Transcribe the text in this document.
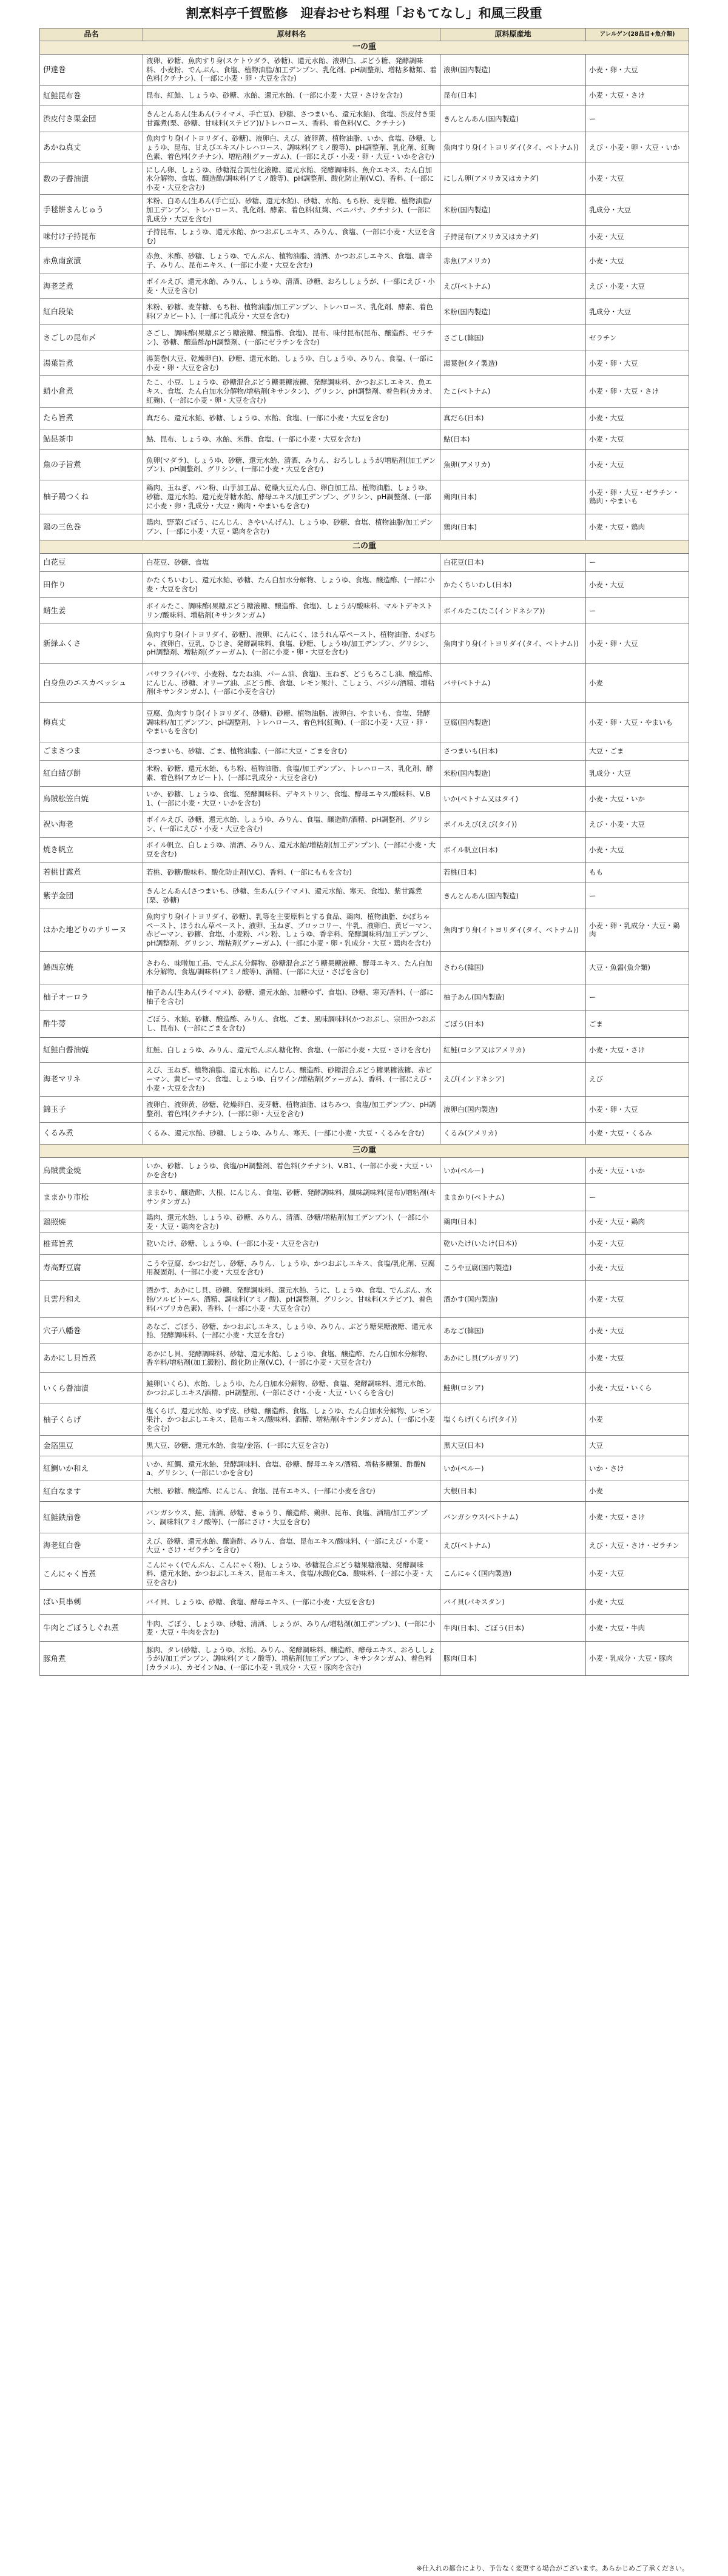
割烹料亭千賀監修　迎春おせち料理「おもてなし」和風三段重
品名	原材料名	原料原産地	アレルゲン(28品目+魚介類)
一の重			
伊達巻	液卵、砂糖、魚肉すり身(スケトウダラ、砂糖)、還元水飴、液卵白、ぶどう糖、発酵調味料、小麦粉、でんぷん、食塩、植物油脂/加工デンプン、乳化剤、pH調整剤、増粘多糖類、着色料(クチナシ)、(一部に小麦・卵・大豆を含む)	液卵(国内製造)	小麦・卵・大豆
紅鮭昆布巻	昆布、紅鮭、しょうゆ、砂糖、水飴、還元水飴、(一部に小麦・大豆・さけを含む)	昆布(日本)	小麦・大豆・さけ
渋皮付き栗金団	きんとんあん(生あん(ライマメ、手亡豆)、砂糖、さつまいも、還元水飴)、食塩、渋皮付き栗甘露煮(栗、砂糖、甘味料(ステビア))/トレハロース、香料、着色料(V.C、クチナシ)	きんとんあん(国内製造)	ー
あかね真丈	魚肉すり身(イトヨリダイ、砂糖)、液卵白、えび、液卵黄、植物油脂、いか、食塩、砂糖、しょうゆ、昆布、甘えびエキス/トレハロース、調味料(アミノ酸等)、pH調整剤、乳化剤、紅麹色素、着色料(クチナシ)、増粘剤(グァーガム)、(一部にえび・小麦・卵・大豆・いかを含む)	魚肉すり身(イトヨリダイ(タイ、ベトナム))	えび・小麦・卵・大豆・いか
数の子醤油漬	にしん卵、しょうゆ、砂糖混合異性化液糖、還元水飴、発酵調味料、魚介エキス、たん白加水分解物、食塩、醸造酢/調味料(アミノ酸等)、pH調整剤、酸化防止剤(V.C)、香料、(一部に小麦・大豆を含む)	にしん卵(アメリカ又はカナダ)	小麦・大豆
手毬餅まんじゅう	米粉、白あん(生あん(手亡豆)、砂糖、還元水飴)、砂糖、水飴、もち粉、麦芽糖、植物油脂/加工デンプン、トレハロース、乳化剤、酵素、着色料(紅麹、ベニバナ、クチナシ)、(一部に乳成分・大豆を含む)	米粉(国内製造)	乳成分・大豆
味付け子持昆布	子持昆布、しょうゆ、還元水飴、かつおぶしエキス、みりん、食塩、(一部に小麦・大豆を含む)	子持昆布(アメリカ又はカナダ)	小麦・大豆
赤魚南蛮漬	赤魚、米酢、砂糖、しょうゆ、でんぷん、植物油脂、清酒、かつおぶしエキス、食塩、唐辛子、みりん、昆布エキス、(一部に小麦・大豆を含む)	赤魚(アメリカ)	小麦・大豆
海老芝煮	ボイルえび、還元水飴、みりん、しょうゆ、清酒、砂糖、おろししょうが、(一部にえび・小麦・大豆を含む)	えび(ベトナム)	えび・小麦・大豆
紅白段染	米粉、砂糖、麦芽糖、もち粉、植物油脂/加工デンプン、トレハロース、乳化剤、酵素、着色料(アカビート)、(一部に乳成分・大豆を含む)	米粉(国内製造)	乳成分・大豆
さごしの昆布〆	さごし、調味酢(果糖ぶどう糖液糖、醸造酢、食塩)、昆布、味付昆布(昆布、醸造酢、ゼラチン)、砂糖、醸造酢/pH調整剤、(一部にゼラチンを含む)	さごし(韓国)	ゼラチン
湯葉旨煮	湯葉巻(大豆、乾燥卵白)、砂糖、還元水飴、しょうゆ、白しょうゆ、みりん、食塩、(一部に小麦・卵・大豆を含む)	湯葉巻(タイ製造)	小麦・卵・大豆
蛸小倉煮	たこ、小豆、しょうゆ、砂糖混合ぶどう糖果糖液糖、発酵調味料、かつおぶしエキス、魚エキス、食塩、たん白加水分解物/増粘剤(キサンタン)、グリシン、pH調整剤、着色料(カカオ、紅麹)、(一部に小麦・卵・大豆を含む)	たこ(ベトナム)	小麦・卵・大豆・さけ
たら旨煮	真だら、還元水飴、砂糖、しょうゆ、水飴、食塩、(一部に小麦・大豆を含む)	真だら(日本)	小麦・大豆
鮎昆茶巾	鮎、昆布、しょうゆ、水飴、米酢、食塩、(一部に小麦・大豆を含む)	鮎(日本)	小麦・大豆
魚の子旨煮	魚卵(マダラ)、しょうゆ、砂糖、還元水飴、清酒、みりん、おろししょうが/増粘剤(加工デンプン)、pH調整剤、グリシン、(一部に小麦・大豆を含む)	魚卵(アメリカ)	小麦・大豆
柚子鶏つくね	鶏肉、玉ねぎ、パン粉、山芋加工品、乾燥大豆たん白、卵白加工品、植物油脂、しょうゆ、砂糖、還元水飴、還元麦芽糖水飴、酵母エキス/加工デンプン、グリシン、pH調整剤、(一部に小麦・卵・乳成分・大豆・鶏肉・やまいもを含む)	鶏肉(日本)	小麦・卵・大豆・ゼラチン・鶏肉・やまいも
鶏の三色巻	鶏肉、野菜(ごぼう、にんじん、さやいんげん)、しょうゆ、砂糖、食塩、植物油脂/加工デンプン、(一部に小麦・大豆・鶏肉を含む)	鶏肉(日本)	小麦・大豆・鶏肉
二の重			
白花豆	白花豆、砂糖、食塩	白花豆(日本)	ー
田作り	かたくちいわし、還元水飴、砂糖、たん白加水分解物、しょうゆ、食塩、醸造酢、(一部に小麦・大豆を含む)	かたくちいわし(日本)	小麦・大豆
蛸生姜	ボイルたこ、調味酢(果糖ぶどう糖液糖、醸造酢、食塩)、しょうが/酸味料、マルトデキストリン/酸味料、増粘剤(キサンタンガム)	ボイルたこ(たこ(インドネシア))	ー
新緑ふくさ	魚肉すり身(イトヨリダイ、砂糖)、液卵、にんにく、ほうれん草ペースト、植物油脂、かぼちゃ、液卵白、豆乳、ひじき、発酵調味料、食塩、砂糖、しょうゆ/加工デンプン、グリシン、pH調整剤、増粘剤(グァーガム)、(一部に小麦・卵・大豆を含む)	魚肉すり身(イトヨリダイ(タイ、ベトナム))	小麦・卵・大豆
白身魚のエスカベッシュ	バサフライ(バサ、小麦粉、なたね油、パーム油、食塩)、玉ねぎ、どうもろこし油、醸造酢、にんじん、砂糖、オリーブ油、ぶどう酢、食塩、レモン果汁、こしょう、バジル/酒精、増粘剤(キサンタンガム)、(一部に小麦を含む)	バサ(ベトナム)	小麦
梅真丈	豆腐、魚肉すり身(イトヨリダイ、砂糖)、砂糖、植物油脂、液卵白、やまいも、食塩、発酵調味料/加工デンプン、pH調整剤、トレハロース、着色料(紅麹)、(一部に小麦・大豆・卵・やまいもを含む)	豆腐(国内製造)	小麦・卵・大豆・やまいも
ごまさつま	さつまいも、砂糖、ごま、植物油脂、(一部に大豆・ごまを含む)	さつまいも(日本)	大豆・ごま
紅白結び餅	米粉、砂糖、還元水飴、もち粉、植物油脂、食塩/加工デンプン、トレハロース、乳化剤、酵素、着色料(アカビート)、(一部に乳成分・大豆を含む)	米粉(国内製造)	乳成分・大豆
烏賊松笠白焼	いか、砂糖、しょうゆ、食塩、発酵調味料、デキストリン、食塩、酵母エキス/酸味料、V.B1、(一部に小麦・大豆・いかを含む)	いか(ベトナム又はタイ)	小麦・大豆・いか
祝い海老	ボイルえび、砂糖、還元水飴、しょうゆ、みりん、食塩、醸造酢/酒精、pH調整剤、グリシン、(一部にえび・小麦・大豆を含む)	ボイルえび(えび(タイ))	えび・小麦・大豆
焼き帆立	ボイル帆立、白しょうゆ、清酒、みりん、還元水飴/増粘剤(加工デンプン)、(一部に小麦・大豆を含む)	ボイル帆立(日本)	小麦・大豆
若桃甘露煮	若桃、砂糖/酸味料、酸化防止剤(V.C)、香料、(一部にももを含む)	若桃(日本)	もも
紫芋金団	きんとんあん(さつまいも、砂糖、生あん(ライマメ)、還元水飴、寒天、食塩)、紫甘露煮(栗、砂糖)	きんとんあん(国内製造)	ー
はかた地どりのテリーヌ	魚肉すり身(イトヨリダイ、砂糖)、乳等を主要原料とする食品、鶏肉、植物油脂、かぼちゃペースト、ほうれん草ペースト、液卵、玉ねぎ、ブロッコリー、牛乳、液卵白、黄ピーマン、赤ピーマン、砂糖、食塩、小麦粉、パン粉、しょうゆ、香辛料、発酵調味料/加工デンプン、pH調整剤、グリシン、増粘剤(グァーガム)、(一部に小麦・卵・乳成分・大豆・鶏肉を含む)	魚肉すり身(イトヨリダイ(タイ、ベトナム))	小麦・卵・乳成分・大豆・鶏肉
鰆西京焼	さわら、味噌加工品、でんぷん分解物、砂糖混合ぶどう糖果糖液糖、酵母エキス、たん白加水分解物、食塩/調味料(アミノ酸等)、酒精、(一部に大豆・さばを含む)	さわら(韓国)	大豆・魚醤(魚介類)
柚子オーロラ	柚子あん(生あん(ライマメ)、砂糖、還元水飴、加糖ゆず、食塩)、砂糖、寒天/香料、(一部に柚子を含む)	柚子あん(国内製造)	ー
酢牛蒡	ごぼう、水飴、砂糖、醸造酢、みりん、食塩、ごま、風味調味料(かつおぶし、宗田かつおぶし、昆布)、(一部にごまを含む)	ごぼう(日本)	ごま
紅鮭白醤油焼	紅鮭、白しょうゆ、みりん、還元でんぷん糖化物、食塩、(一部に小麦・大豆・さけを含む)	紅鮭(ロシア又はアメリカ)	小麦・大豆・さけ
海老マリネ	えび、玉ねぎ、植物油脂、還元水飴、にんじん、醸造酢、砂糖混合ぶどう糖果糖液糖、赤ピーマン、黄ピーマン、食塩、しょうゆ、白ワイン/増粘剤(グァーガム)、香料、(一部にえび・小麦・大豆を含む)	えび(インドネシア)	えび
錦玉子	液卵白、液卵黄、砂糖、乾燥卵白、麦芽糖、植物油脂、はちみつ、食塩/加工デンプン、pH調整剤、着色料(クチナシ)、(一部に卵・大豆を含む)	液卵白(国内製造)	小麦・卵・大豆
くるみ煮	くるみ、還元水飴、砂糖、しょうゆ、みりん、寒天、(一部に小麦・大豆・くるみを含む)	くるみ(アメリカ)	小麦・大豆・くるみ
三の重			
烏賊黄金焼	いか、砂糖、しょうゆ、食塩/pH調整剤、着色料(クチナシ)、V.B1、(一部に小麦・大豆・いかを含む)	いか(ペルー)	小麦・大豆・いか
ままかり市松	ままかり、醸造酢、大根、にんじん、食塩、砂糖、発酵調味料、風味調味料(昆布)/増粘剤(キサンタンガム)	ままかり(ベトナム)	ー
鶏照焼	鶏肉、還元水飴、しょうゆ、砂糖、みりん、清酒、砂糖/増粘剤(加工デンプン)、(一部に小麦・大豆・鶏肉を含む)	鶏肉(日本)	小麦・大豆・鶏肉
椎茸旨煮	乾いたけ、砂糖、しょうゆ、(一部に小麦・大豆を含む)	乾いたけ(いたけ(日本))	小麦・大豆
寿高野豆腐	こうや豆腐、かつおだし、砂糖、みりん、しょうゆ、かつおぶしエキス、食塩/乳化剤、豆腐用凝固剤、(一部に小麦・大豆を含む)	こうや豆腐(国内製造)	小麦・大豆
貝雲丹和え	酒かす、あかにし貝、砂糖、発酵調味料、還元水飴、うに、しょうゆ、食塩、でんぷん、水飴/ソルビトール、酒精、調味料(アミノ酸)、pH調整剤、グリシン、甘味料(ステビア)、着色料(パプリカ色素)、香料、(一部に小麦・大豆を含む)	酒かす(国内製造)	小麦・大豆
穴子八幡巻	あなご、ごぼう、砂糖、かつおぶしエキス、しょうゆ、みりん、ぶどう糖果糖液糖、還元水飴、発酵調味料、(一部に小麦・大豆を含む)	あなご(韓国)	小麦・大豆
あかにし貝旨煮	あかにし貝、発酵調味料、砂糖、還元水飴、しょうゆ、食塩、醸造酢、たん白加水分解物、香辛料/増粘剤(加工澱粉)、酸化防止剤(V.C)、(一部に小麦・大豆を含む)	あかにし貝(ブルガリア)	小麦・大豆
いくら醤油漬	鮭卵(いくら)、水飴、しょうゆ、たん白加水分解物、砂糖、食塩、発酵調味料、還元水飴、かつおぶしエキス/酒精、pH調整剤、(一部にさけ・小麦・大豆・いくらを含む)	鮭卵(ロシア)	小麦・大豆・いくら
柚子くらげ	塩くらげ、還元水飴、ゆず皮、砂糖、醸造酢、食塩、しょうゆ、たん白加水分解物、レモン果汁、かつおぶしエキス、昆布エキス/酸味料、酒精、増粘剤(キサンタンガム)、(一部に小麦を含む)	塩くらげ(くらげ(タイ))	小麦
金箔黒豆	黒大豆、砂糖、還元水飴、食塩/金箔、(一部に大豆を含む)	黒大豆(日本)	大豆
紅鯛いか和え	いか、紅鯛、還元水飴、発酵調味料、食塩、砂糖、酵母エキス/酒精、増粘多糖類、酢酸Na、グリシン、(一部にいかを含む)	いか(ペルー)	いか・さけ
紅白なます	大根、砂糖、醸造酢、にんじん、食塩、昆布エキス、(一部に小麦を含む)	大根(日本)	小麦
紅鮭鉄扇巻	バンガシウス、鮭、清酒、砂糖、きゅうり、醸造酢、鶏卵、昆布、食塩、酒精/加工デンプン、調味料(アミノ酸等)、(一部にさけ・大豆を含む)	バンガシウス(ベトナム)	小麦・大豆・さけ
海老紅白巻	えび、砂糖、還元水飴、醸造酢、みりん、食塩、昆布エキス/酸味料、(一部にえび・小麦・大豆・さけ・ゼラチンを含む)	えび(ベトナム)	えび・大豆・さけ・ゼラチン
こんにゃく旨煮	こんにゃく(でんぷん、こんにゃく粉)、しょうゆ、砂糖混合ぶどう糖果糖液糖、発酵調味料、還元水飴、かつおぶしエキス、昆布エキス、食塩/水酸化Ca、酸味料、(一部に小麦・大豆を含む)	こんにゃく(国内製造)	小麦・大豆
ばい貝串刺	バイ貝、しょうゆ、砂糖、食塩、酵母エキス、(一部に小麦・大豆を含む)	バイ貝(パキスタン)	小麦・大豆
牛肉とごぼうしぐれ煮	牛肉、ごぼう、しょうゆ、砂糖、清酒、しょうが、みりん/増粘剤(加工デンプン)、(一部に小麦・大豆・牛肉を含む)	牛肉(日本)、ごぼう(日本)	小麦・大豆・牛肉
豚角煮	豚肉、タレ(砂糖、しょうゆ、水飴、みりん、発酵調味料、醸造酢、酵母エキス、おろししょうが)/加工デンプン、調味料(アミノ酸等)、増粘剤(加工デンプン、キサンタンガム)、着色料(カラメル)、カゼインNa、(一部に小麦・乳成分・大豆・豚肉を含む)	豚肉(日本)	小麦・乳成分・大豆・豚肉
※仕入れの都合により、予告なく変更する場合がございます。あらかじめご了承ください。
